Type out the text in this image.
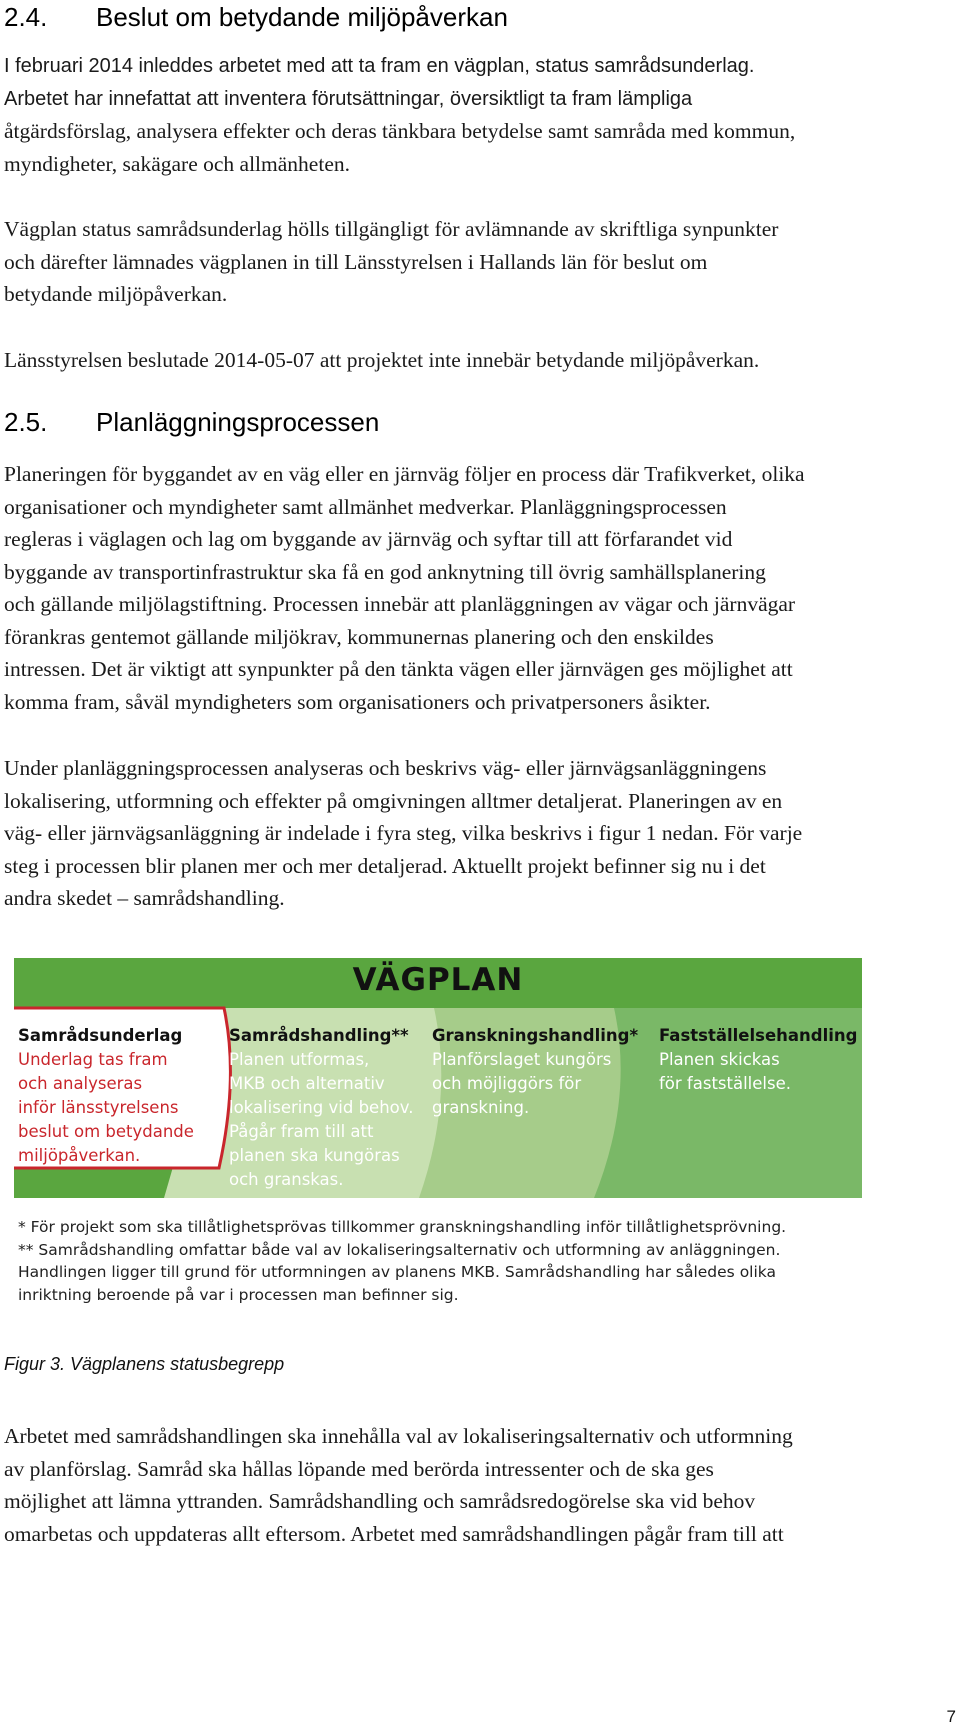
2.4. Beslut om betydande miljöpåverkan
I februari 2014 inleddes arbetet med att ta fram en vägplan, status samrådsunderlag.
Arbetet har innefattat att inventera förutsättningar, översiktligt ta fram lämpliga
åtgärdsförslag, analysera effekter och deras tänkbara betydelse samt samråda med kommun,
myndigheter, sakägare och allmänheten.
Vägplan status samrådsunderlag hölls tillgängligt för avlämnande av skriftliga synpunkter
och därefter lämnades vägplanen in till Länsstyrelsen i Hallands län för beslut om
betydande miljöpåverkan.
Länsstyrelsen beslutade 2014-05-07 att projektet inte innebär betydande miljöpåverkan.
2.5. Planläggningsprocessen
Planeringen för byggandet av en väg eller en järnväg följer en process där Trafikverket, olika
organisationer och myndigheter samt allmänhet medverkar. Planläggningsprocessen
regleras i väglagen och lag om byggande av järnväg och syftar till att förfarandet vid
byggande av transportinfrastruktur ska få en god anknytning till övrig samhällsplanering
och gällande miljölagstiftning. Processen innebär att planläggningen av vägar och järnvägar
förankras gentemot gällande miljökrav, kommunernas planering och den enskildes
intressen. Det är viktigt att synpunkter på den tänkta vägen eller järnvägen ges möjlighet att
komma fram, såväl myndigheters som organisationers och privatpersoners åsikter.
Under planläggningsprocessen analyseras och beskrivs väg- eller järnvägsanläggningens
lokalisering, utformning och effekter på omgivningen alltmer detaljerat. Planeringen av en
väg- eller järnvägsanläggning är indelade i fyra steg, vilka beskrivs i figur 1 nedan. För varje
steg i processen blir planen mer och mer detaljerad. Aktuellt projekt befinner sig nu i det
andra skedet – samrådshandling.
VÄGPLAN
Samrådsunderlag
Underlag tas fram
och analyseras
inför länsstyrelsens
beslut om betydande
miljöpåverkan.
Samrådshandling**
Planen utformas,
MKB och alternativ
lokalisering vid behov.
Pågår fram till att
planen ska kungöras
och granskas.
Granskningshandling*
Planförslaget kungörs
och möjliggörs för
granskning.
Fastställelsehandling
Planen skickas
för fastställelse.
* För projekt som ska tillåtlighetsprövas tillkommer granskningshandling inför tillåtlighetsprövning.
** Samrådshandling omfattar både val av lokaliseringsalternativ och utformning av anläggningen.
Handlingen ligger till grund för utformningen av planens MKB. Samrådshandling har således olika
inriktning beroende på var i processen man befinner sig.

Figur 3. Vägplanens statusbegrepp

Arbetet med samrådshandlingen ska innehålla val av lokaliseringsalternativ och utformning
av planförslag. Samråd ska hållas löpande med berörda intressenter och de ska ges
möjlighet att lämna yttranden. Samrådshandling och samrådsredogörelse ska vid behov
omarbetas och uppdateras allt eftersom. Arbetet med samrådshandlingen pågår fram till att
7
